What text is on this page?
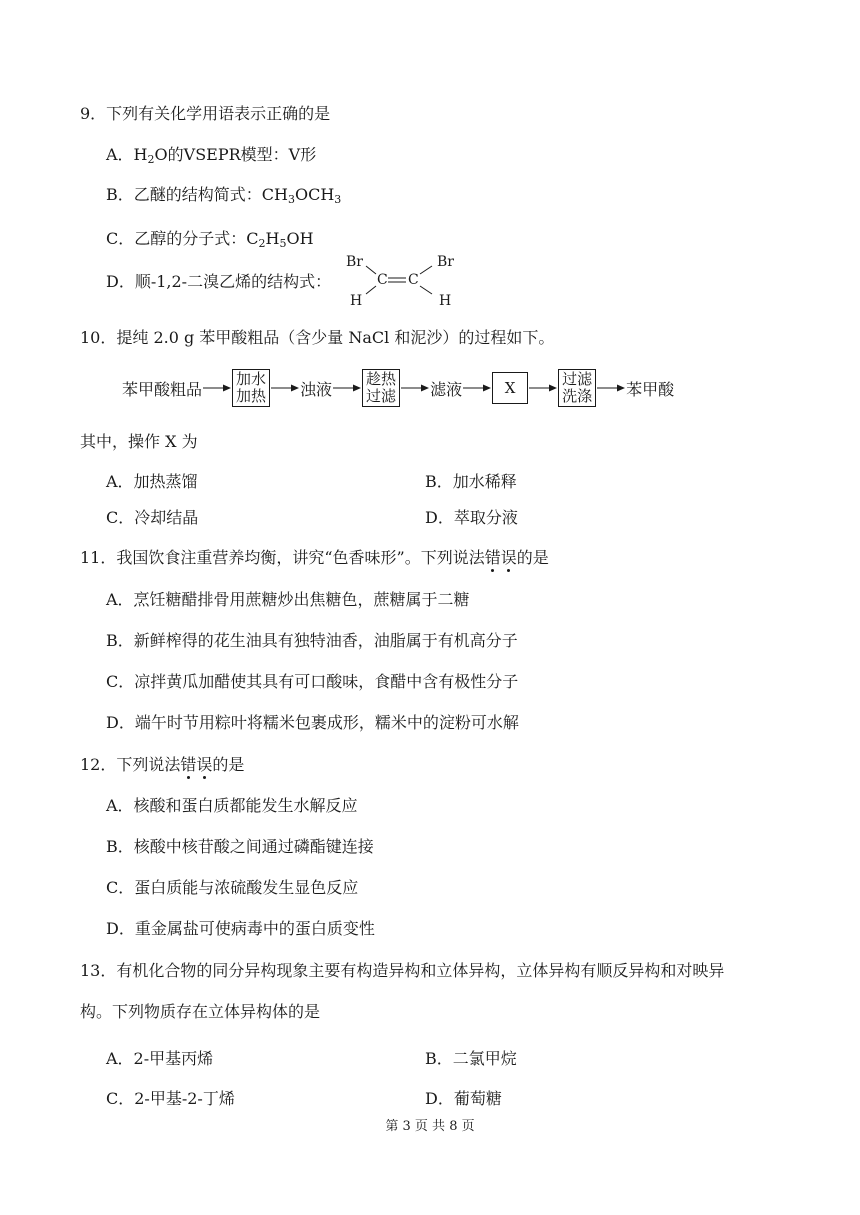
9．下列有关化学用语表示正确的是
A．$H_2O$的VSEPR模型：V形
B．乙醚的结构简式：$CH_3OCH_3$
C．乙醇的分子式：$C_2H_5OH$
D．顺-1,2-二溴乙烯的结构式：
Br	Br
C C
H	H
10．提纯 2.0 g 苯甲酸粗品（含少量 NaCl 和泥沙）的过程如下。
苯甲酸粗品
加水
加热 浊液
趁热
过滤 滤液	X	过滤
洗涤 苯甲酸
其中，操作 X 为
A．加热蒸馏	B．加水稀释
C．冷却结晶	D．萃取分液
11．我国饮食注重营养均衡，讲究“色香味形”。下列说法错误的是
A．烹饪糖醋排骨用蔗糖炒出焦糖色，蔗糖属于二糖
B．新鲜榨得的花生油具有独特油香，油脂属于有机高分子
C．凉拌黄瓜加醋使其具有可口酸味，食醋中含有极性分子
D．端午时节用粽叶将糯米包裹成形，糯米中的淀粉可水解
12．下列说法错误的是
A．核酸和蛋白质都能发生水解反应
B．核酸中核苷酸之间通过磷酯键连接
C．蛋白质能与浓硫酸发生显色反应
D．重金属盐可使病毒中的蛋白质变性
13．有机化合物的同分异构现象主要有构造异构和立体异构，立体异构有顺反异构和对映异
构。下列物质存在立体异构体的是
A．2-甲基丙烯	B．二氯甲烷
C．2-甲基-2-丁烯	D．葡萄糖
第 3 页 共 8 页
